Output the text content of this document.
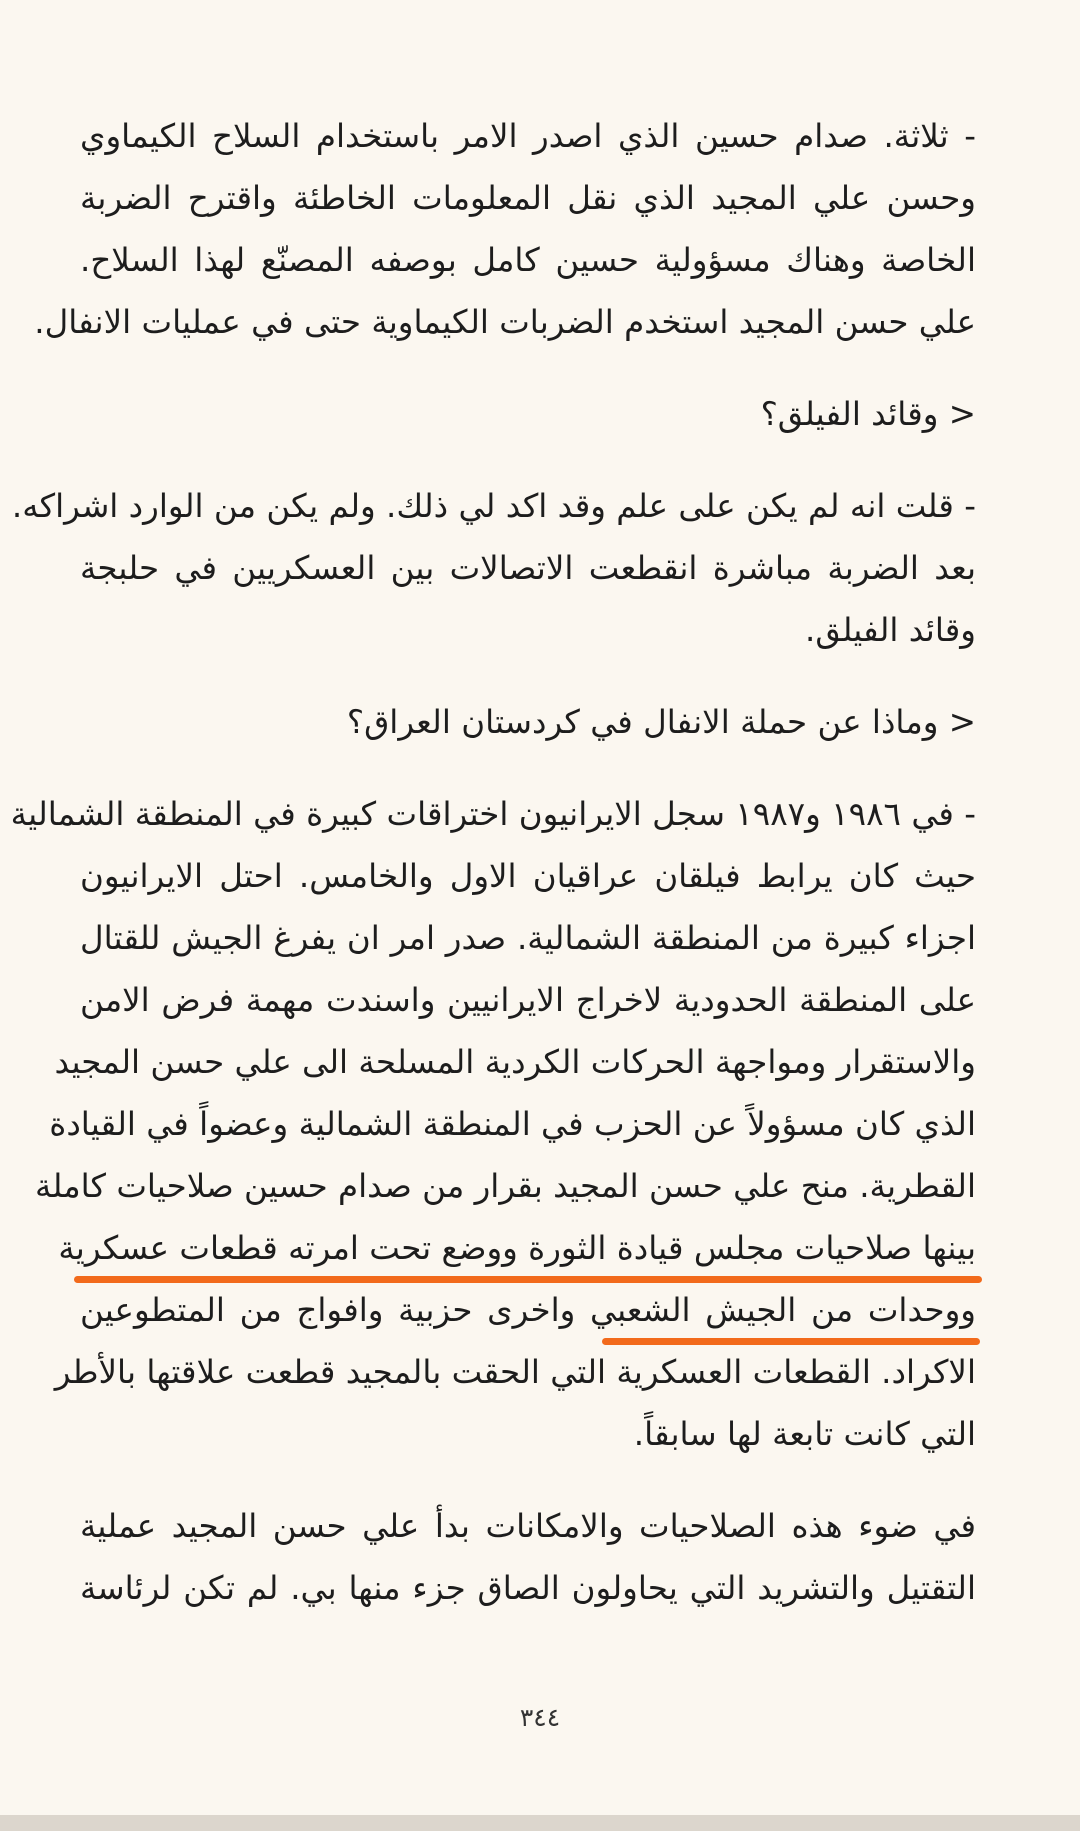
- ثلاثة. صدام حسين الذي اصدر الامر باستخدام السلاح الكيماوي
وحسن علي المجيد الذي نقل المعلومات الخاطئة واقترح الضربة
الخاصة وهناك مسؤولية حسين كامل بوصفه المصنّع لهذا السلاح.
علي حسن المجيد استخدم الضربات الكيماوية حتى في عمليات الانفال.
< وقائد الفيلق؟
- قلت انه لم يكن على علم وقد اكد لي ذلك. ولم يكن من الوارد اشراكه.
بعد الضربة مباشرة انقطعت الاتصالات بين العسكريين في حلبجة
وقائد الفيلق.
< وماذا عن حملة الانفال في كردستان العراق؟
- في ١٩٨٦ و١٩٨٧ سجل الايرانيون اختراقات كبيرة في المنطقة الشمالية
حيث كان يرابط فيلقان عراقيان الاول والخامس. احتل الايرانيون
اجزاء كبيرة من المنطقة الشمالية. صدر امر ان يفرغ الجيش للقتال
على المنطقة الحدودية لاخراج الايرانيين واسندت مهمة فرض الامن
والاستقرار ومواجهة الحركات الكردية المسلحة الى علي حسن المجيد
الذي كان مسؤولاً عن الحزب في المنطقة الشمالية وعضواً في القيادة
القطرية. منح علي حسن المجيد بقرار من صدام حسين صلاحيات كاملة
بينها صلاحيات مجلس قيادة الثورة ووضع تحت امرته قطعات عسكرية
ووحدات من الجيش الشعبي واخرى حزبية وافواج من المتطوعين
الاكراد. القطعات العسكرية التي الحقت بالمجيد قطعت علاقتها بالأطر
التي كانت تابعة لها سابقاً.
في ضوء هذه الصلاحيات والامكانات بدأ علي حسن المجيد عملية
التقتيل والتشريد التي يحاولون الصاق جزء منها بي. لم تكن لرئاسة
٣٤٤
